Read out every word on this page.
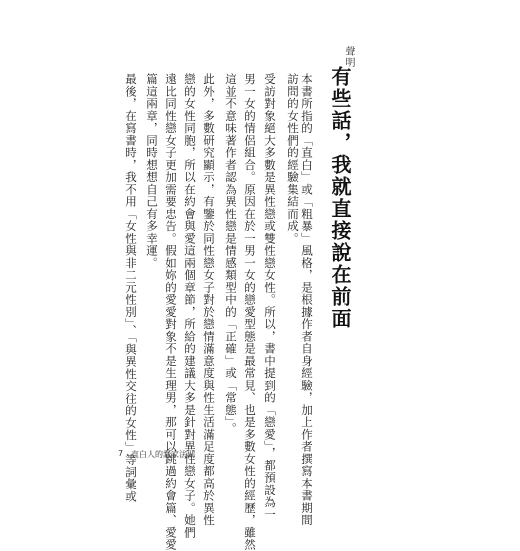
聲明

有些話，我就直接說在前面

本書所指的「直白」或「粗暴」風格，是根據作者自身經驗，加上作者撰寫本書期間

訪問的女性們的經驗集結而成。

受訪對象絕大多數是異性戀或雙性戀女性。所以，書中提到的「戀愛」，都預設為一

男一女的情侶組合。原因在於一男一女的戀愛型態是最常見、也是多數女性的經歷，雖然

這並不意味著作者認為異性戀是情感類型中的「正確」或「常態」。

此外，多數研究顯示，有鑒於同性戀女子對於戀情滿意度與性生活滿足度都高於異性

戀的女性同胞，所以在約會與愛這兩個章節，所給的建議大多是針對異性戀女子。她們

遠比同性戀女子更加需要忠告。假如妳的愛愛對象不是生理男，那可以跳過約會篇、愛愛

篇這兩章，同時想想自己有多幸運。

最後，在寫書時，我不用「女性與非二元性別」、「與異性交往的女性」等詞彙或

7 直白人的蠢家法則
